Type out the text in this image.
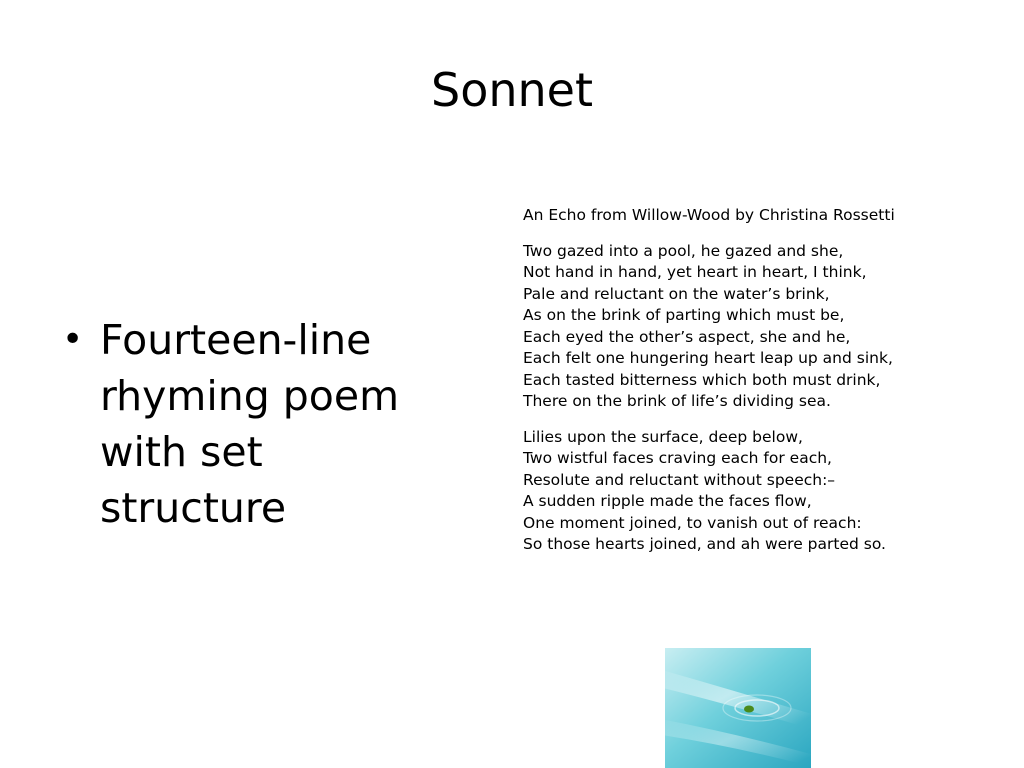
Sonnet
• Fourteen-line rhyming poem with set structure

An Echo from Willow-Wood by Christina Rossetti

Two gazed into a pool, he gazed and she,
Not hand in hand, yet heart in heart, I think,
Pale and reluctant on the water’s brink,
As on the brink of parting which must be,
Each eyed the other’s aspect, she and he,
Each felt one hungering heart leap up and sink,
Each tasted bitterness which both must drink,
There on the brink of life’s dividing sea.

Lilies upon the surface, deep below,
Two wistful faces craving each for each,
Resolute and reluctant without speech:–
A sudden ripple made the faces flow,
One moment joined, to vanish out of reach:
So those hearts joined, and ah were parted so.
